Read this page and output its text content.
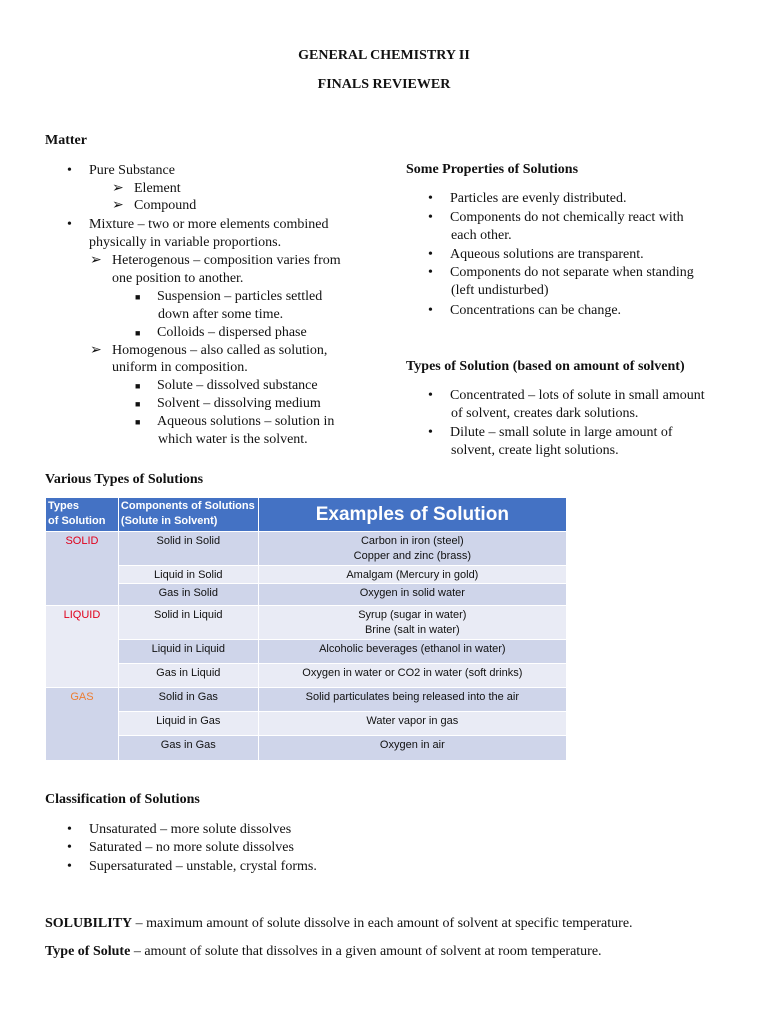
GENERAL CHEMISTRY II
FINALS REVIEWER
Matter
•	Pure Substance
➢ Element
➢ Compound
•	Mixture – two or more elements combined
physically in variable proportions.
➢ Heterogenous – composition varies from
one position to another.
■	Suspension – particles settled
down after some time.
■	Colloids – dispersed phase
➢ Homogenous – also called as solution,
uniform in composition.
■	Solute – dissolved substance
■	Solvent – dissolving medium
■	Aqueous solutions – solution in
which water is the solvent.
Some Properties of Solutions
•	Particles are evenly distributed.
•	Components do not chemically react with
each other.
•	Aqueous solutions are transparent.
•	Components do not separate when standing
(left undisturbed)
•	Concentrations can be change.
Types of Solution (based on amount of solvent)
•	Concentrated – lots of solute in small amount
of solvent, creates dark solutions.
•	Dilute – small solute in large amount of
solvent, create light solutions.
Various Types of Solutions
Types
of Solution	Components of Solutions
(Solute in Solvent)	Examples of Solution
SOLID	Solid in Solid	Carbon in iron (steel)
Copper and zinc (brass)
	Liquid in Solid	Amalgam (Mercury in gold)
	Gas in Solid	Oxygen in solid water
LIQUID	Solid in Liquid	Syrup (sugar in water)
Brine (salt in water)
	Liquid in Liquid	Alcoholic beverages (ethanol in water)
	Gas in Liquid	Oxygen in water or CO2 in water (soft drinks)
GAS	Solid in Gas	Solid particulates being released into the air
	Liquid in Gas	Water vapor in gas
	Gas in Gas	Oxygen in air
Classification of Solutions
•	Unsaturated – more solute dissolves
•	Saturated – no more solute dissolves
•	Supersaturated – unstable, crystal forms.
SOLUBILITY – maximum amount of solute dissolve in each amount of solvent at specific temperature.
Type of Solute – amount of solute that dissolves in a given amount of solvent at room temperature.
